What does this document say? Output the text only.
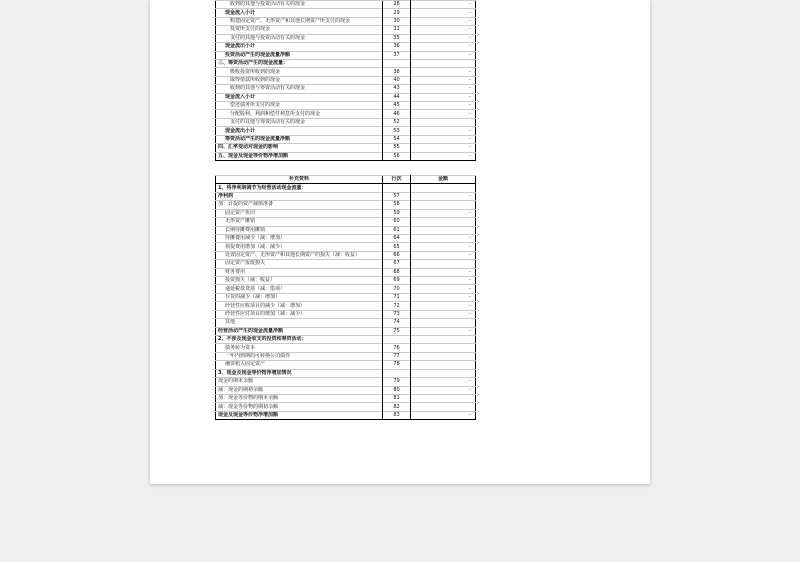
收到的其他与投资活动有关的现金	28	-
现金流入小计	29	-
购建固定资产、无形资产和其他长期资产所支付的现金	30	-
投资所支付的现金	31	-
支付的其他与投资活动有关的现金	35	-
现金流出小计	36	-
投资活动产生的现金流量净额	37	-
三、筹资活动产生的现金流量：		
吸收投资所收到的现金	38	-
取得借款所收到的现金	40	-
收到的其他与筹资活动有关的现金	43	-
现金流入小计	44	-
偿还债务所支付的现金	45	-
分配股利、利润和偿付利息所支付的现金	46	-
支付的其他与筹资活动有关的现金	52	
现金流出小计	53	-
筹资活动产生的现金流量净额	54	-
四、汇率变动对现金的影响	55	-
五、现金及现金等价物净增加额	56	-
补充资料	行次	金额
1、将净利润调节为经营活动现金流量：		
净利润	57	-
加：计提的资产减值准备	58	
固定资产折旧	59	-
无形资产摊销	60	
长期待摊费用摊销	61	
待摊费用减少（减：增加）	64	-
预提费用增加（减：减少）	65	-
处置固定资产、无形资产和其他长期资产的损失（减：收益）	66	-
固定资产报废损失	67	
财务费用	68	-
投资损失（减：收益）	69	-
递延税款贷项（减：借项）	70	-
存货的减少（减：增加）	71	-
经营性应收项目的减少（减：增加）	72	-
经营性应付项目的增加（减：减少）	73	-
其他	74	
经营活动产生的现金流量净额	75	-
2、不涉及现金收支的投资和筹资活动：		
债务转为资本	76	
一年内到期的可转换公司债券	77	
融资租入固定资产	78	
3、现金及现金等价物净增加情况		
现金的期末余额	79	-
减：现金的期初余额	80	-
加：现金等价物的期末余额	81	
减：现金等价物的期初余额	82	
现金及现金等价物净增加额	83	-
